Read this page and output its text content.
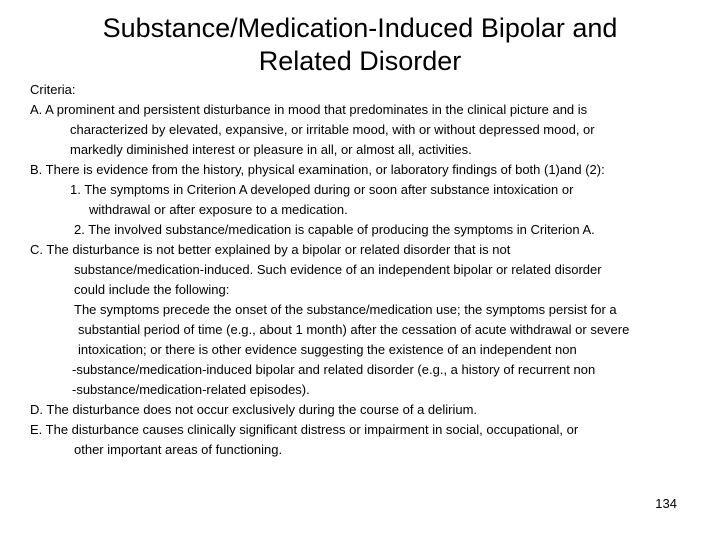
Substance/Medication-Induced Bipolar and
Related Disorder
Criteria:
A. A prominent and persistent disturbance in mood that predominates in the clinical picture and is
characterized by elevated, expansive, or irritable mood, with or without depressed mood, or
markedly diminished interest or pleasure in all, or almost all, activities.
B. There is evidence from the history, physical examination, or laboratory findings of both (1)and (2):
1. The symptoms in Criterion A developed during or soon after substance intoxication or
withdrawal or after exposure to a medication.
2. The involved substance/medication is capable of producing the symptoms in Criterion A.
C. The disturbance is not better explained by a bipolar or related disorder that is not
substance/medication-induced. Such evidence of an independent bipolar or related disorder
could include the following:
The symptoms precede the onset of the substance/medication use; the symptoms persist for a
substantial period of time (e.g., about 1 month) after the cessation of acute withdrawal or severe
intoxication; or there is other evidence suggesting the existence of an independent non
-substance/medication-induced bipolar and related disorder (e.g., a history of recurrent non
-substance/medication-related episodes).
D. The disturbance does not occur exclusively during the course of a delirium.
E. The disturbance causes clinically significant distress or impairment in social, occupational, or
other important areas of functioning.
134
